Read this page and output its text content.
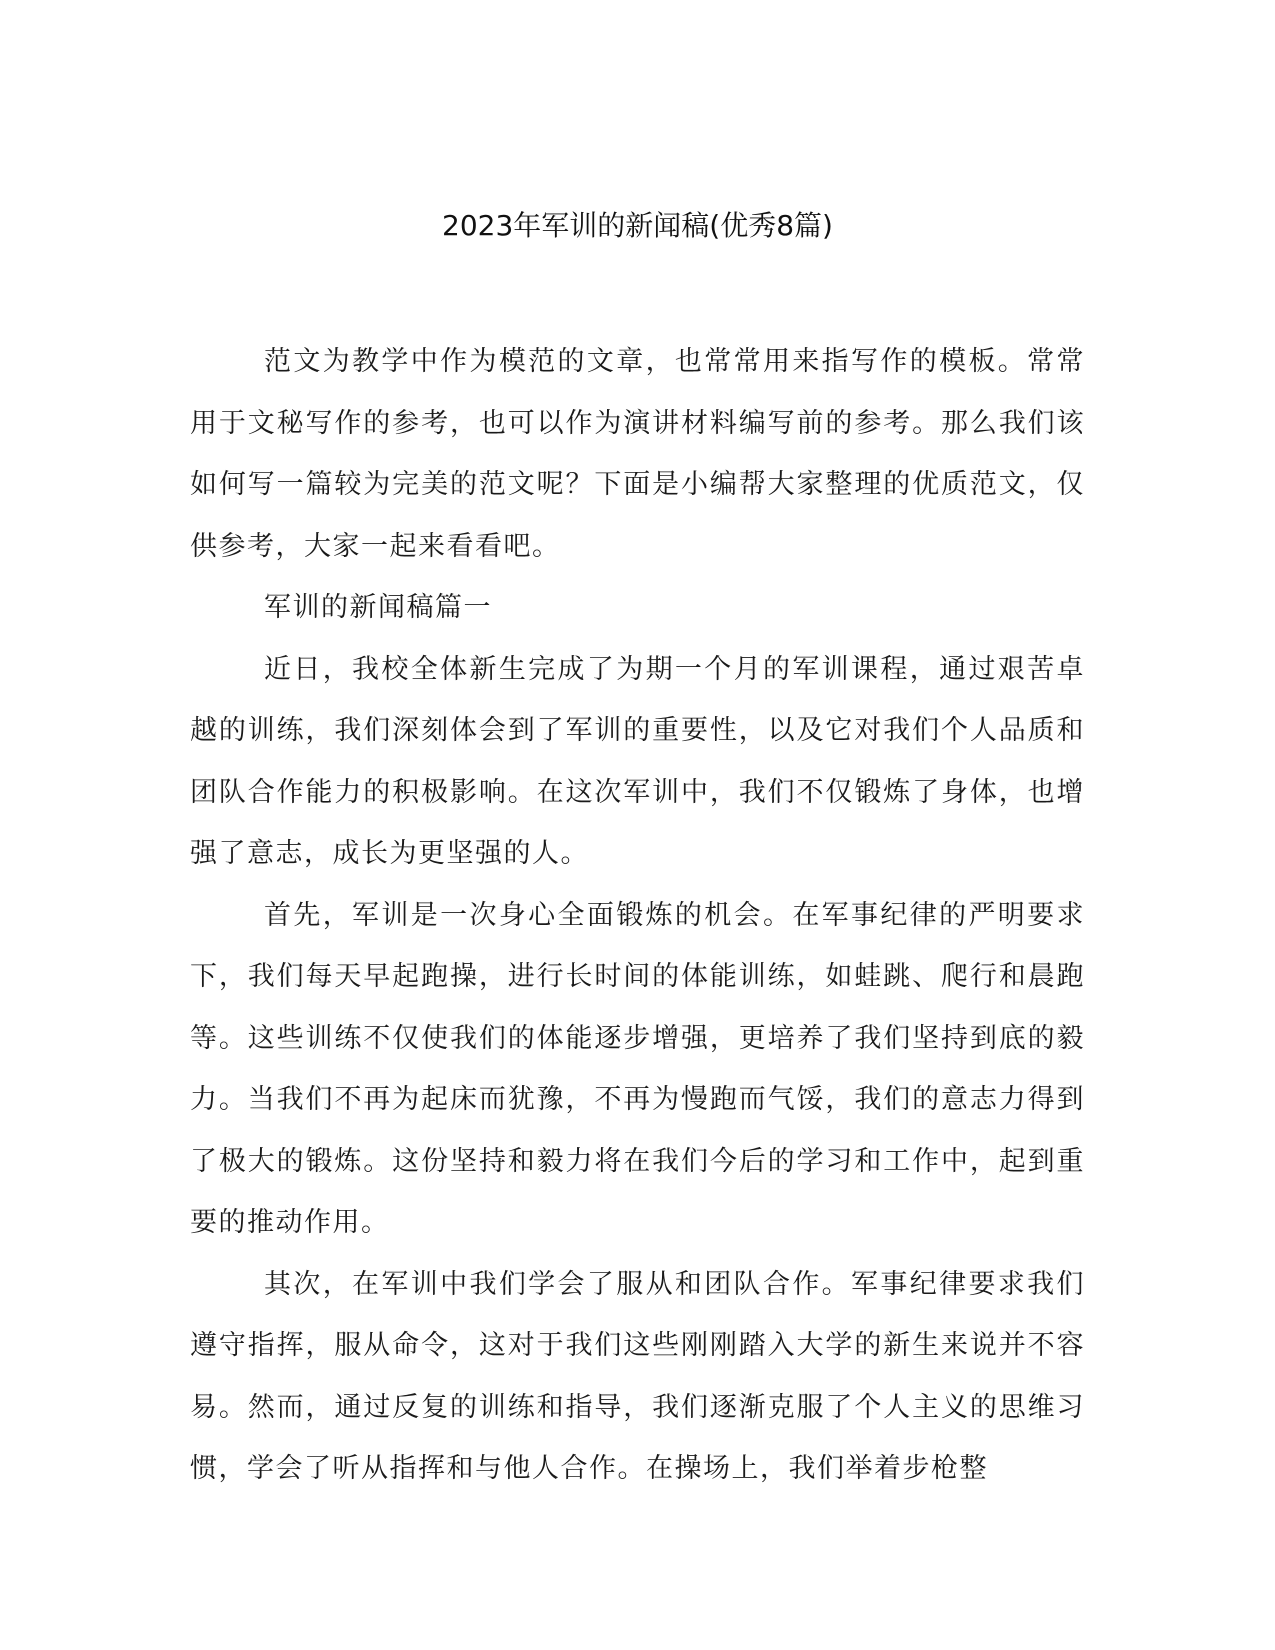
2023年军训的新闻稿(优秀8篇)

范文为教学中作为模范的文章，也常常用来指写作的模板。常常用于文秘写作的参考，也可以作为演讲材料编写前的参考。那么我们该如何写一篇较为完美的范文呢？下面是小编帮大家整理的优质范文，仅供参考，大家一起来看看吧。

军训的新闻稿篇一

近日，我校全体新生完成了为期一个月的军训课程，通过艰苦卓越的训练，我们深刻体会到了军训的重要性，以及它对我们个人品质和团队合作能力的积极影响。在这次军训中，我们不仅锻炼了身体，也增强了意志，成长为更坚强的人。

首先，军训是一次身心全面锻炼的机会。在军事纪律的严明要求下，我们每天早起跑操，进行长时间的体能训练，如蛙跳、爬行和晨跑等。这些训练不仅使我们的体能逐步增强，更培养了我们坚持到底的毅力。当我们不再为起床而犹豫，不再为慢跑而气馁，我们的意志力得到了极大的锻炼。这份坚持和毅力将在我们今后的学习和工作中，起到重要的推动作用。

其次，在军训中我们学会了服从和团队合作。军事纪律要求我们遵守指挥，服从命令，这对于我们这些刚刚踏入大学的新生来说并不容易。然而，通过反复的训练和指导，我们逐渐克服了个人主义的思维习惯，学会了听从指挥和与他人合作。在操场上，我们举着步枪整
